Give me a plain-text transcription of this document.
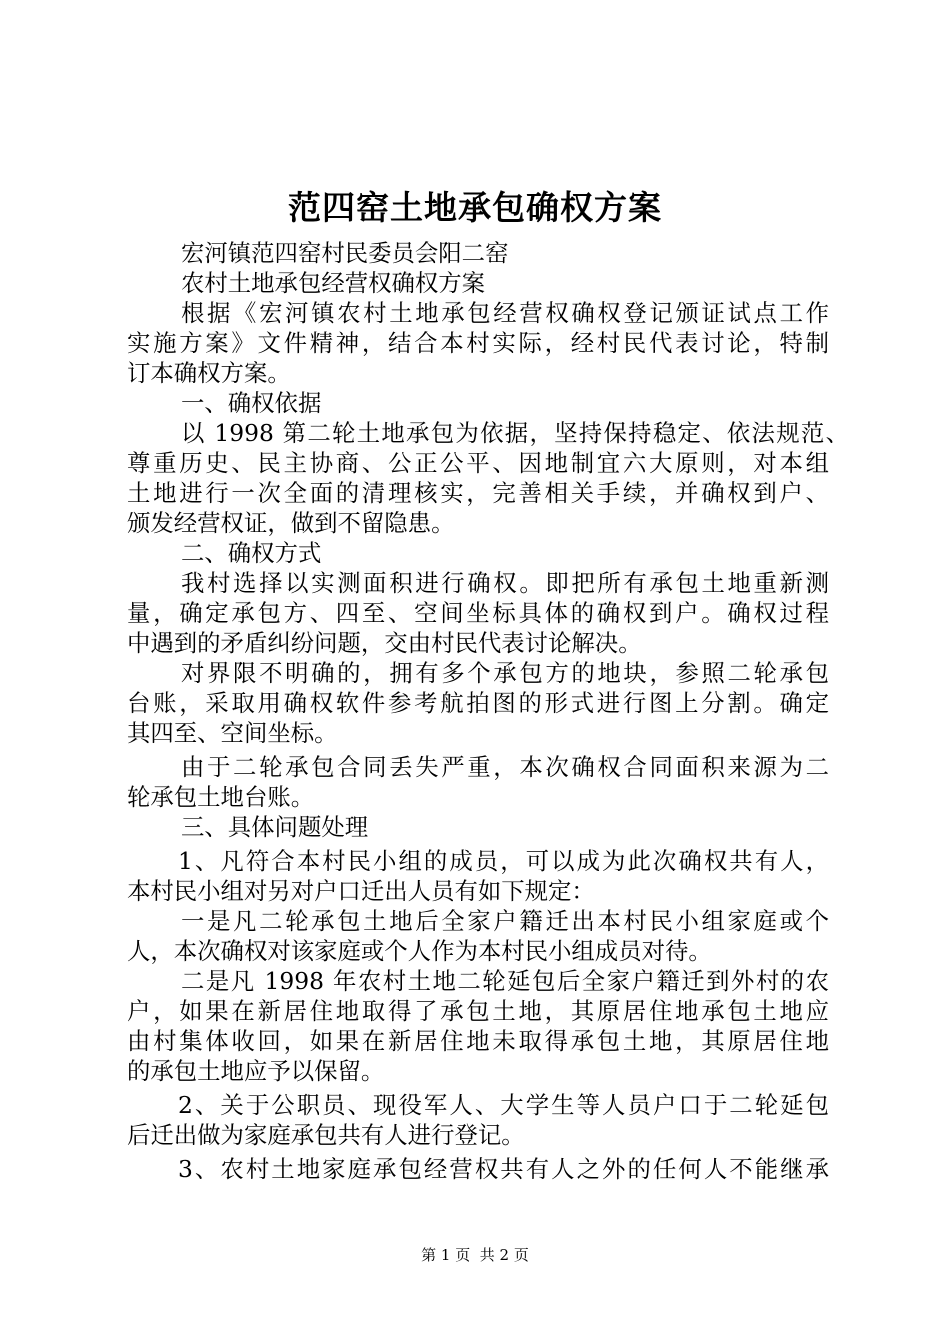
范四窑土地承包确权方案
宏河镇范四窑村民委员会阳二窑
农村土地承包经营权确权方案
根据《宏河镇农村土地承包经营权确权登记颁证试点工作
实施方案》文件精神，结合本村实际，经村民代表讨论，特制
订本确权方案。
一、确权依据
以 1998 第二轮土地承包为依据，坚持保持稳定、依法规范、
尊重历史、民主协商、公正公平、因地制宜六大原则，对本组
土地进行一次全面的清理核实，完善相关手续，并确权到户、
颁发经营权证，做到不留隐患。
二、确权方式
我村选择以实测面积进行确权。即把所有承包土地重新测
量，确定承包方、四至、空间坐标具体的确权到户。确权过程
中遇到的矛盾纠纷问题，交由村民代表讨论解决。
对界限不明确的，拥有多个承包方的地块，参照二轮承包
台账，采取用确权软件参考航拍图的形式进行图上分割。确定
其四至、空间坐标。
由于二轮承包合同丢失严重，本次确权合同面积来源为二
轮承包土地台账。
三、具体问题处理
1、凡符合本村民小组的成员，可以成为此次确权共有人，
本村民小组对另对户口迁出人员有如下规定：
一是凡二轮承包土地后全家户籍迁出本村民小组家庭或个
人，本次确权对该家庭或个人作为本村民小组成员对待。
二是凡 1998 年农村土地二轮延包后全家户籍迁到外村的农
户，如果在新居住地取得了承包土地，其原居住地承包土地应
由村集体收回，如果在新居住地未取得承包土地，其原居住地
的承包土地应予以保留。
2、关于公职员、现役军人、大学生等人员户口于二轮延包
后迁出做为家庭承包共有人进行登记。
3、农村土地家庭承包经营权共有人之外的任何人不能继承
第 1 页  共 2 页
